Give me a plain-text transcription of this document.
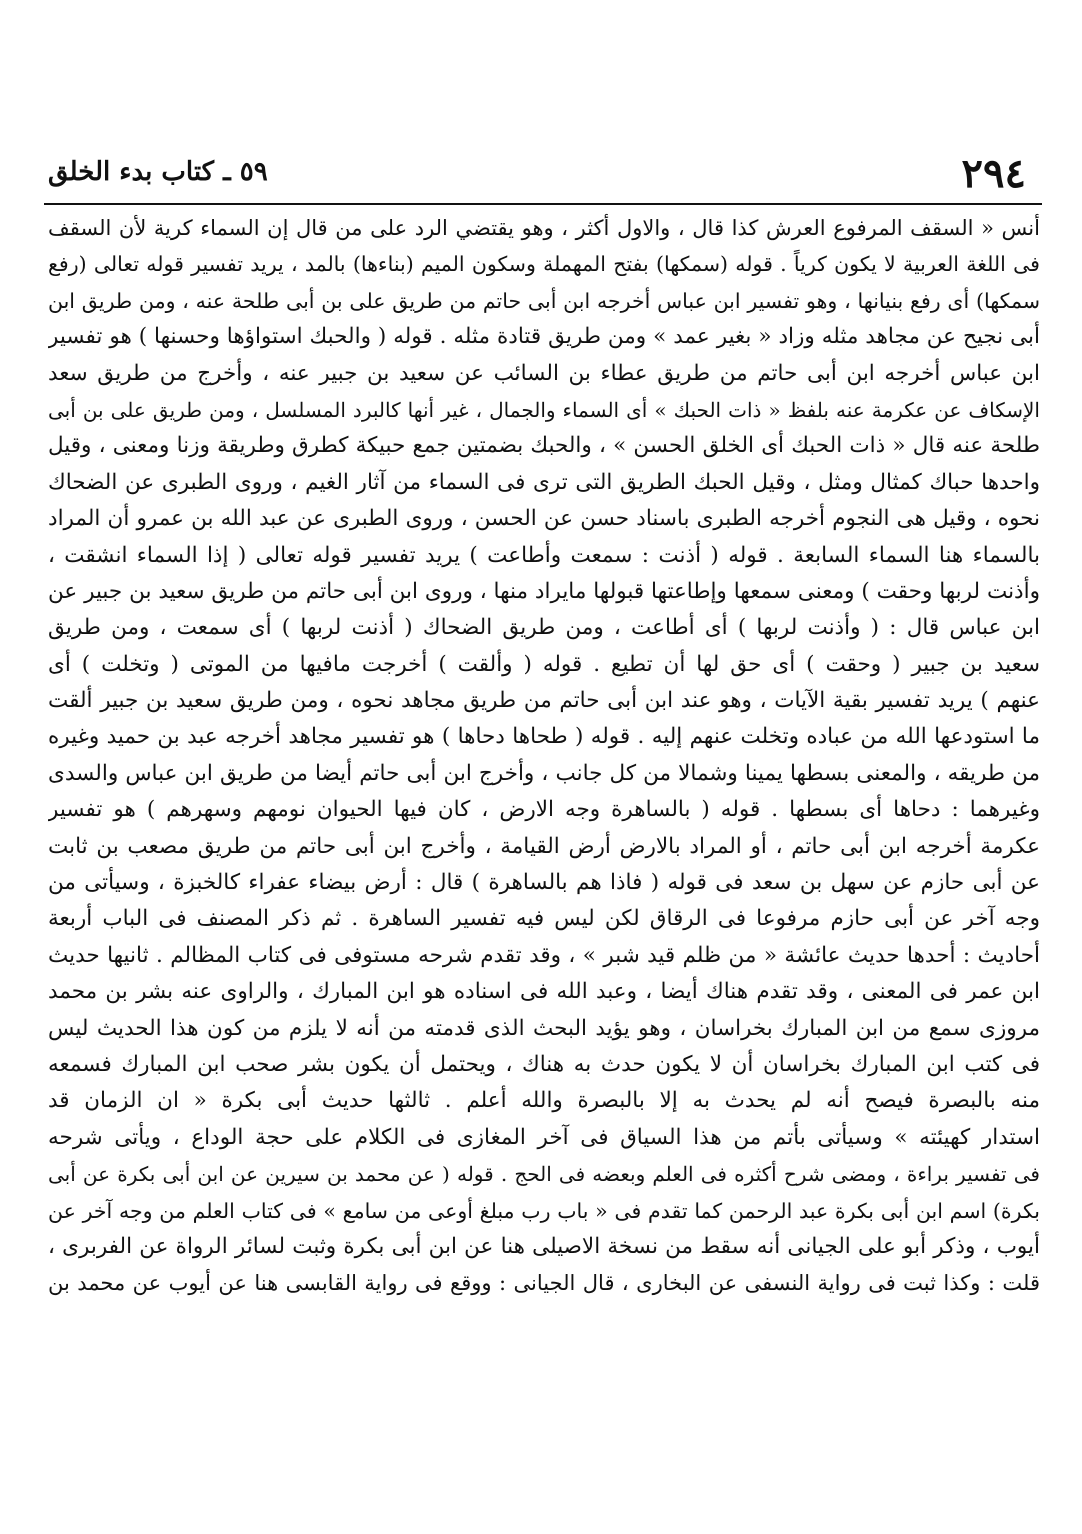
٢٩٤
٥٩ ـ كتاب بدء الخلق
أنس « السقف المرفوع العرش كذا قال ، والاول أكثر ، وهو يقتضي الرد على من قال إن السماء كرية لأن السقف
فى اللغة العربية لا يكون كرياً . قوله (سمكها) بفتح المهملة وسكون الميم (بناءها) بالمد ، يريد تفسير قوله تعالى (رفع
سمكها) أى رفع بنيانها ، وهو تفسير ابن عباس أخرجه ابن أبى حاتم من طريق على بن أبى طلحة عنه ، ومن طريق ابن
أبى نجيح عن مجاهد مثله وزاد « بغير عمد » ومن طريق قتادة مثله . قوله ( والحبك استواؤها وحسنها ) هو تفسير
ابن عباس أخرجه ابن أبى حاتم من طريق عطاء بن السائب عن سعيد بن جبير عنه ، وأخرج من طريق سعد
الإسكاف عن عكرمة عنه بلفظ « ذات الحبك » أى السماء والجمال ، غير أنها كالبرد المسلسل ، ومن طريق على بن أبى
طلحة عنه قال « ذات الحبك أى الخلق الحسن » ، والحبك بضمتين جمع حبيكة كطرق وطريقة وزنا ومعنى ، وقيل
واحدها حباك كمثال ومثل ، وقيل الحبك الطريق التى ترى فى السماء من آثار الغيم ، وروى الطبرى عن الضحاك
نحوه ، وقيل هى النجوم أخرجه الطبرى باسناد حسن عن الحسن ، وروى الطبرى عن عبد الله بن عمرو أن المراد
بالسماء هنا السماء السابعة . قوله ( أذنت : سمعت وأطاعت ) يريد تفسير قوله تعالى ( إذا السماء انشقت ،
وأذنت لربها وحقت ) ومعنى سمعها وإطاعتها قبولها مايراد منها ، وروى ابن أبى حاتم من طريق سعيد بن جبير عن
ابن عباس قال : ( وأذنت لربها ) أى أطاعت ، ومن طريق الضحاك ( أذنت لربها ) أى سمعت ، ومن طريق
سعيد بن جبير ( وحقت ) أى حق لها أن تطيع . قوله ( وألقت ) أخرجت مافيها من الموتى ( وتخلت ) أى
عنهم ) يريد تفسير بقية الآيات ، وهو عند ابن أبى حاتم من طريق مجاهد نحوه ، ومن طريق سعيد بن جبير ألقت
ما استودعها الله من عباده وتخلت عنهم إليه . قوله ( طحاها دحاها ) هو تفسير مجاهد أخرجه عبد بن حميد وغيره
من طريقه ، والمعنى بسطها يمينا وشمالا من كل جانب ، وأخرج ابن أبى حاتم أيضا من طريق ابن عباس والسدى
وغيرهما : دحاها أى بسطها . قوله ( بالساهرة وجه الارض ، كان فيها الحيوان نومهم وسهرهم ) هو تفسير
عكرمة أخرجه ابن أبى حاتم ، أو المراد بالارض أرض القيامة ، وأخرج ابن أبى حاتم من طريق مصعب بن ثابت
عن أبى حازم عن سهل بن سعد فى قوله ( فاذا هم بالساهرة ) قال : أرض بيضاء عفراء كالخبزة ، وسيأتى من
وجه آخر عن أبى حازم مرفوعا فى الرقاق لكن ليس فيه تفسير الساهرة . ثم ذكر المصنف فى الباب أربعة
أحاديث : أحدها حديث عائشة « من ظلم قيد شبر » ، وقد تقدم شرحه مستوفى فى كتاب المظالم . ثانيها حديث
ابن عمر فى المعنى ، وقد تقدم هناك أيضا ، وعبد الله فى اسناده هو ابن المبارك ، والراوى عنه بشر بن محمد
مروزى سمع من ابن المبارك بخراسان ، وهو يؤيد البحث الذى قدمته من أنه لا يلزم من كون هذا الحديث ليس
فى كتب ابن المبارك بخراسان أن لا يكون حدث به هناك ، ويحتمل أن يكون بشر صحب ابن المبارك فسمعه
منه بالبصرة فيصح أنه لم يحدث به إلا بالبصرة والله أعلم . ثالثها حديث أبى بكرة « ان الزمان قد
استدار كهيئته » وسيأتى بأتم من هذا السياق فى آخر المغازى فى الكلام على حجة الوداع ، ويأتى شرحه
فى تفسير براءة ، ومضى شرح أكثره فى العلم وبعضه فى الحج . قوله ( عن محمد بن سيرين عن ابن أبى بكرة عن أبى
بكرة) اسم ابن أبى بكرة عبد الرحمن كما تقدم فى « باب رب مبلغ أوعى من سامع » فى كتاب العلم من وجه آخر عن
أيوب ، وذكر أبو على الجيانى أنه سقط من نسخة الاصيلى هنا عن ابن أبى بكرة وثبت لسائر الرواة عن الفربرى ،
قلت : وكذا ثبت فى رواية النسفى عن البخارى ، قال الجيانى : ووقع فى رواية القابسى هنا عن أيوب عن محمد بن
